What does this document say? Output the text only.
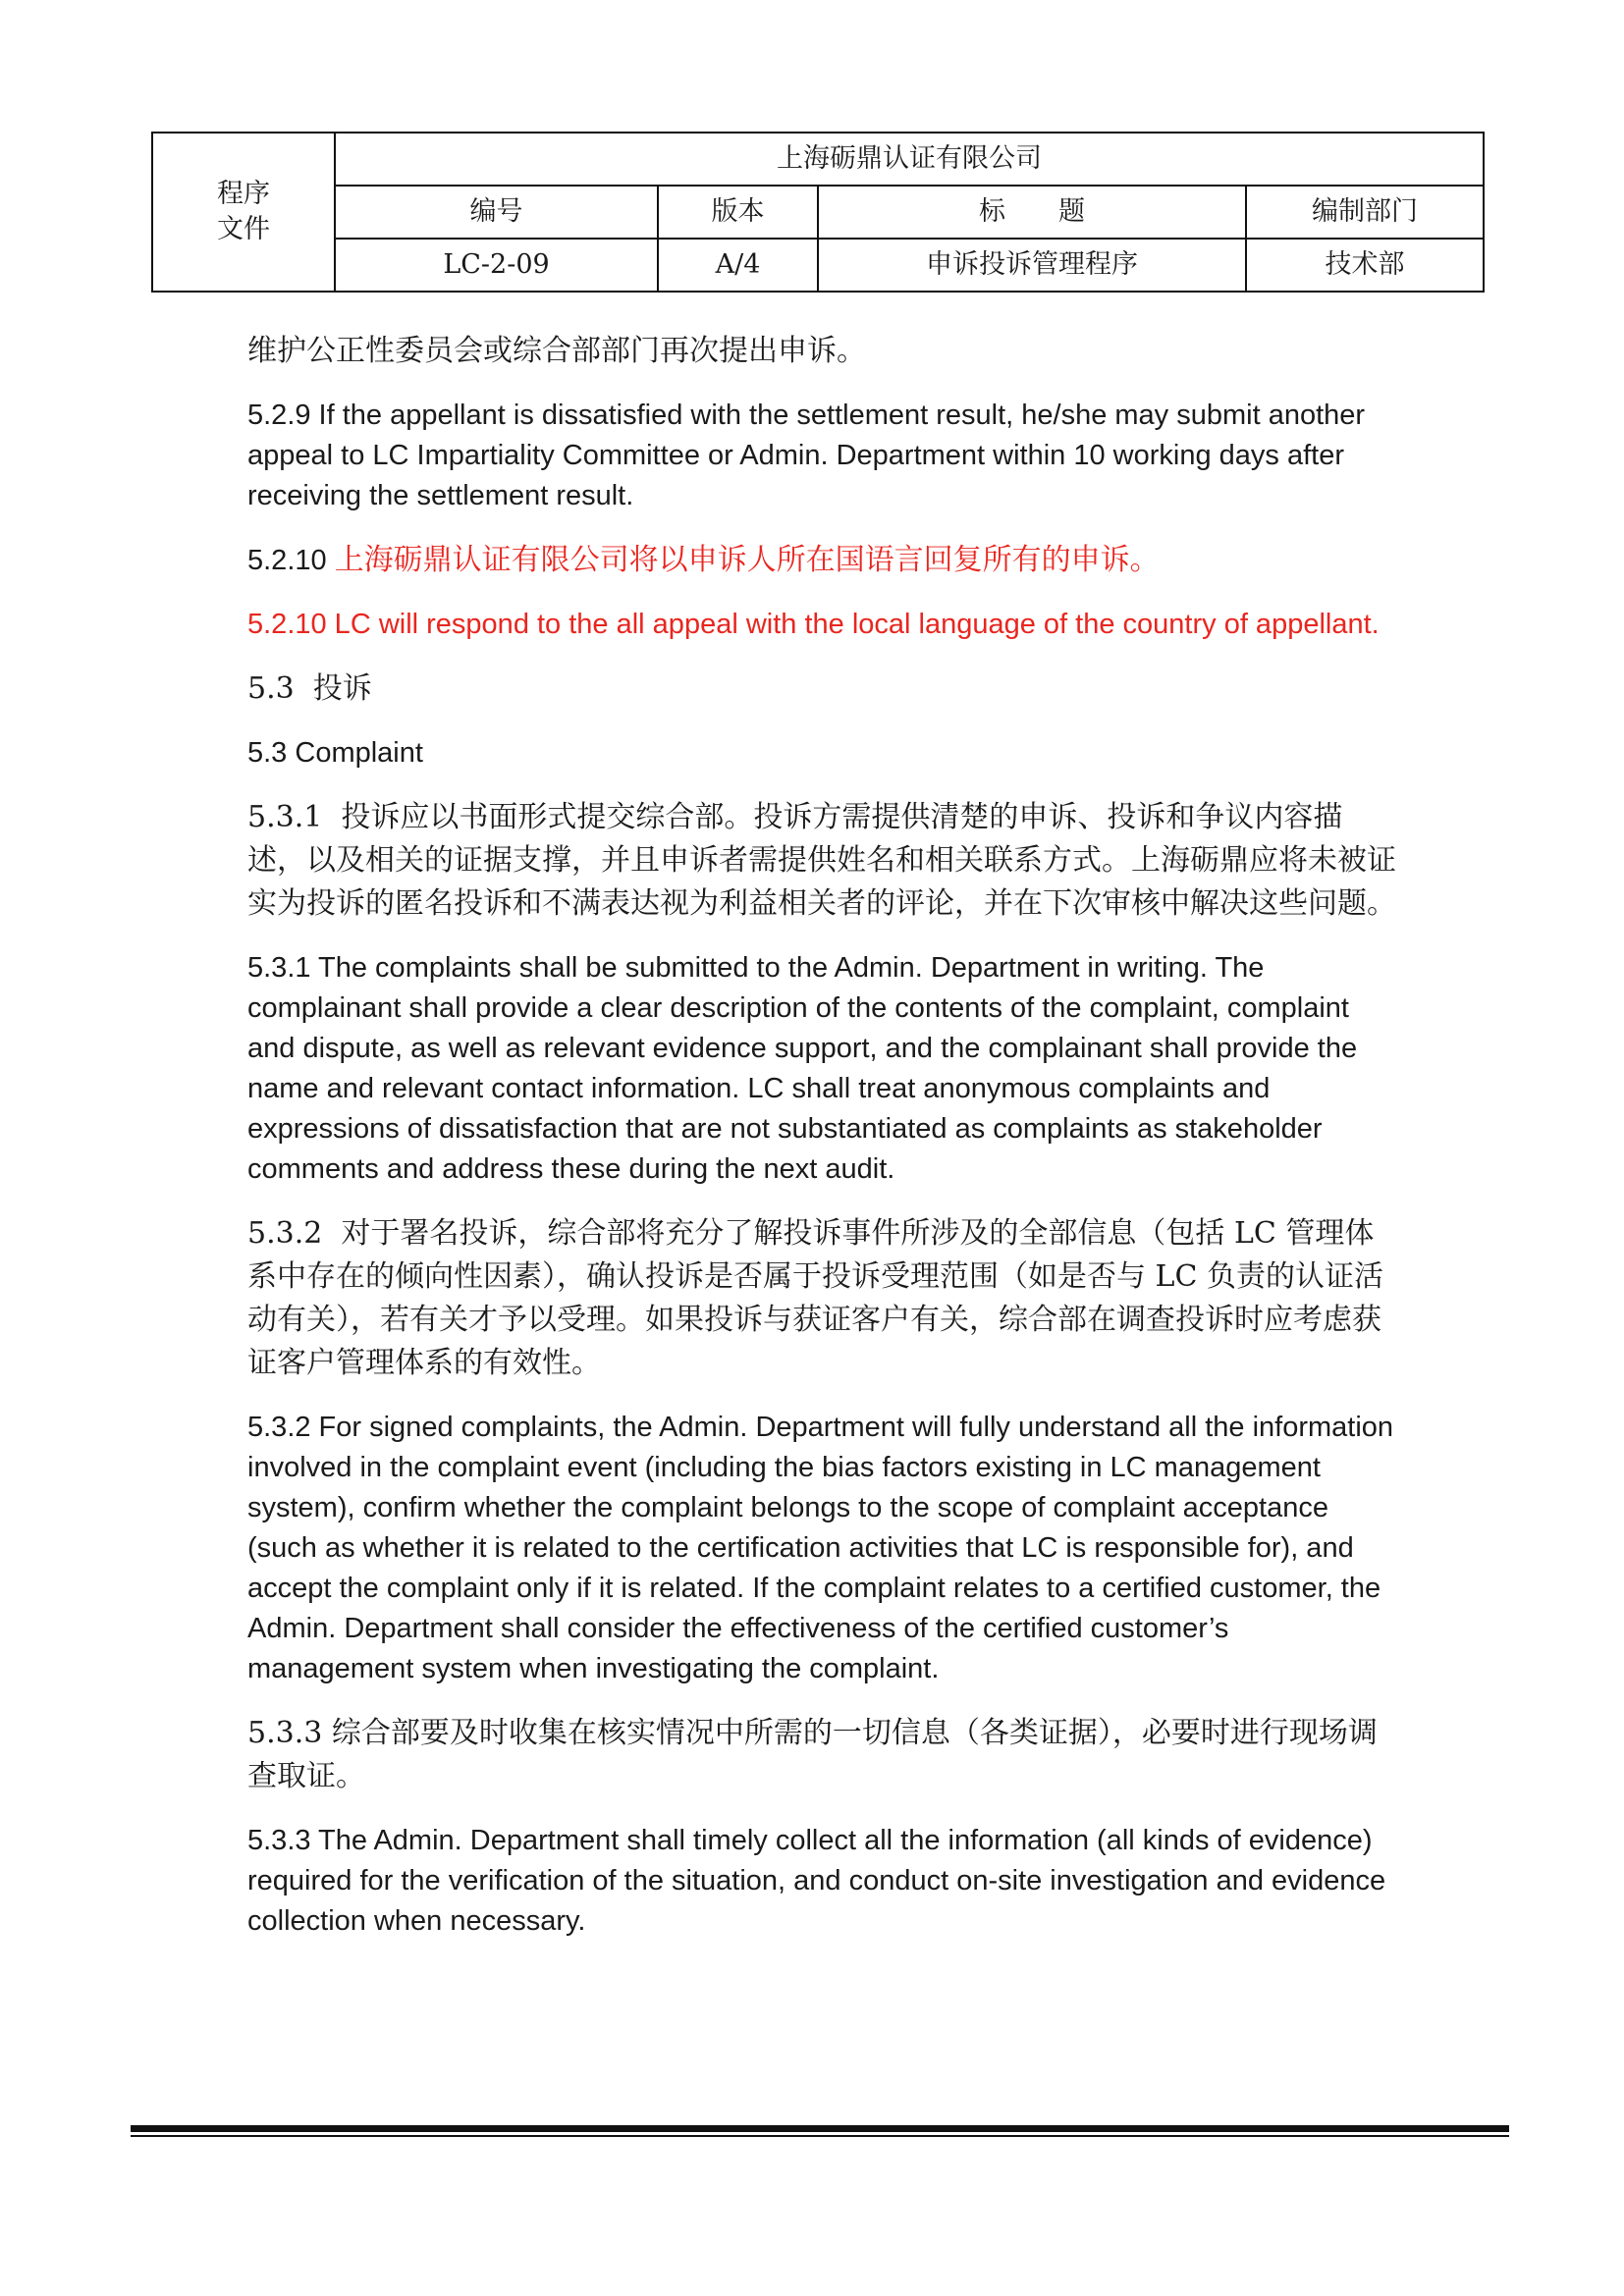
程序
文件	上海砺鼎认证有限公司			
	编号	版本	标　　题	编制部门
	LC-2-09	A/4	申诉投诉管理程序	技术部

维护公正性委员会或综合部部门再次提出申诉。

5.2.9 If the appellant is dissatisfied with the settlement result, he/she may submit another appeal to LC Impartiality Committee or Admin. Department within 10 working days after receiving the settlement result.

5.2.10 上海砺鼎认证有限公司将以申诉人所在国语言回复所有的申诉。

5.2.10 LC will respond to the all appeal with the local language of the country of appellant.

5.3  投诉

5.3 Complaint

5.3.1  投诉应以书面形式提交综合部。投诉方需提供清楚的申诉、投诉和争议内容描述，以及相关的证据支撑，并且申诉者需提供姓名和相关联系方式。上海砺鼎应将未被证实为投诉的匿名投诉和不满表达视为利益相关者的评论，并在下次审核中解决这些问题。

5.3.1 The complaints shall be submitted to the Admin. Department in writing. The complainant shall provide a clear description of the contents of the complaint, complaint and dispute, as well as relevant evidence support, and the complainant shall provide the name and relevant contact information. LC shall treat anonymous complaints and expressions of dissatisfaction that are not substantiated as complaints as stakeholder comments and address these during the next audit.

5.3.2  对于署名投诉，综合部将充分了解投诉事件所涉及的全部信息（包括 LC 管理体系中存在的倾向性因素），确认投诉是否属于投诉受理范围（如是否与 LC 负责的认证活动有关），若有关才予以受理。如果投诉与获证客户有关，综合部在调查投诉时应考虑获证客户管理体系的有效性。

5.3.2 For signed complaints, the Admin. Department will fully understand all the information involved in the complaint event (including the bias factors existing in LC management system), confirm whether the complaint belongs to the scope of complaint acceptance (such as whether it is related to the certification activities that LC is responsible for), and accept the complaint only if it is related. If the complaint relates to a certified customer, the Admin. Department shall consider the effectiveness of the certified customer’s management system when investigating the complaint.

5.3.3 综合部要及时收集在核实情况中所需的一切信息（各类证据），必要时进行现场调查取证。

5.3.3 The Admin. Department shall timely collect all the information (all kinds of evidence) required for the verification of the situation, and conduct on-site investigation and evidence collection when necessary.
